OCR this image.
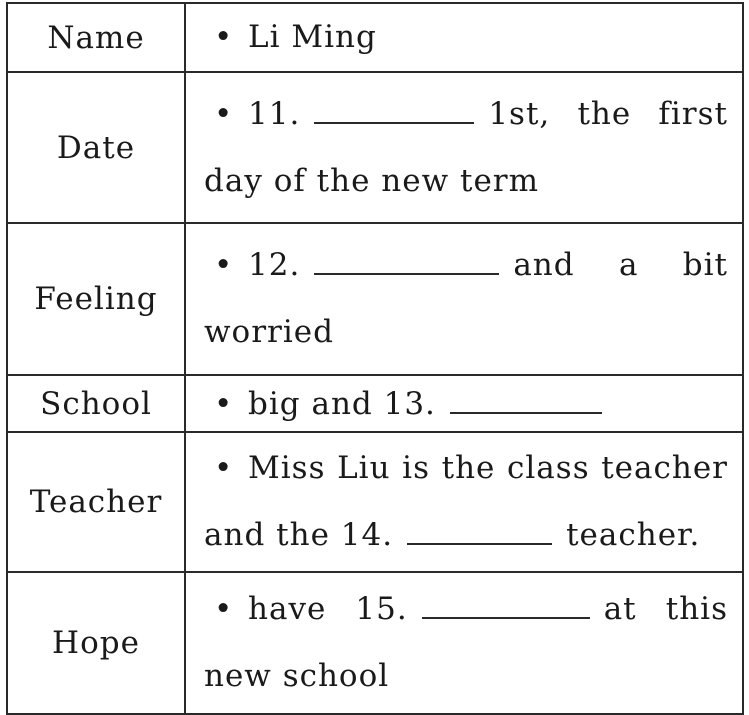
Name	• Li Ming
Date	• 11. 1st, the first day of the new term
Feeling	• 12. and a bit worried
School	• big and 13.
Teacher	• Miss Liu is the class teacher and the 14. teacher.
Hope	• have 15. at this new school
